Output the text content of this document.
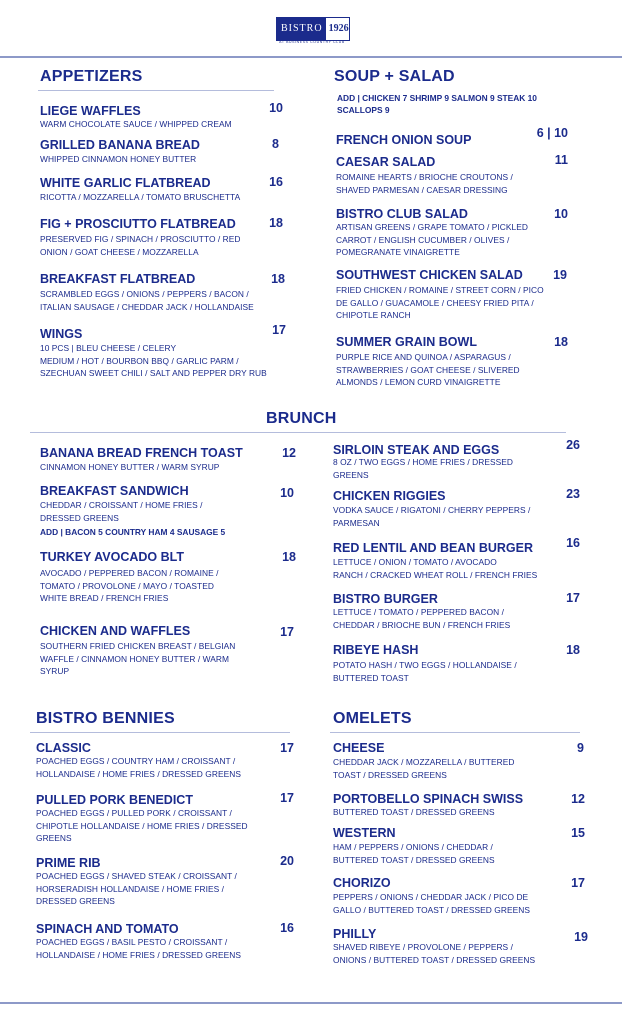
BISTRO 1926
AT BUSINESS COUNTRY CLUB
APPETIZERS	SOUP + SALAD
ADD | CHICKEN 7 SHRIMP 9 SALMON 9 STEAK 10
SCALLOPS 9
BRUNCH
BISTRO BENNIES	OMELETS
LIEGE WAFFLES	10
WARM CHOCOLATE SAUCE / WHIPPED CREAM
GRILLED BANANA BREAD	8
WHIPPED CINNAMON HONEY BUTTER
WHITE GARLIC FLATBREAD	16
RICOTTA / MOZZARELLA / TOMATO BRUSCHETTA
FIG + PROSCIUTTO FLATBREAD	18
PRESERVED FIG / SPINACH / PROSCIUTTO / RED
ONION / GOAT CHEESE / MOZZARELLA
BREAKFAST FLATBREAD	18
SCRAMBLED EGGS / ONIONS / PEPPERS / BACON /
ITALIAN SAUSAGE / CHEDDAR JACK / HOLLANDAISE
WINGS	17
10 PCS | BLEU CHEESE / CELERY
MEDIUM / HOT / BOURBON BBQ / GARLIC PARM /
SZECHUAN SWEET CHILI / SALT AND PEPPER DRY RUB
FRENCH ONION SOUP	6 | 10
CAESAR SALAD	11
ROMAINE HEARTS / BRIOCHE CROUTONS /
SHAVED PARMESAN / CAESAR DRESSING
BISTRO CLUB SALAD	10
ARTISAN GREENS / GRAPE TOMATO / PICKLED
CARROT / ENGLISH CUCUMBER / OLIVES /
POMEGRANATE VINAIGRETTE
SOUTHWEST CHICKEN SALAD	19
FRIED CHICKEN / ROMAINE / STREET CORN / PICO
DE GALLO / GUACAMOLE / CHEESY FRIED PITA /
CHIPOTLE RANCH
SUMMER GRAIN BOWL	18
PURPLE RICE AND QUINOA / ASPARAGUS /
STRAWBERRIES / GOAT CHEESE / SLIVERED
ALMONDS / LEMON CURD VINAIGRETTE
BANANA BREAD FRENCH TOAST	12
CINNAMON HONEY BUTTER / WARM SYRUP
BREAKFAST SANDWICH	10
CHEDDAR / CROISSANT / HOME FRIES /
DRESSED GREENS
ADD | BACON 5 COUNTRY HAM 4 SAUSAGE 5
TURKEY AVOCADO BLT	18
AVOCADO / PEPPERED BACON / ROMAINE /
TOMATO / PROVOLONE / MAYO / TOASTED
WHITE BREAD / FRENCH FRIES
CHICKEN AND WAFFLES	17
SOUTHERN FRIED CHICKEN BREAST / BELGIAN
WAFFLE / CINNAMON HONEY BUTTER / WARM
SYRUP
SIRLOIN STEAK AND EGGS	26
8 OZ / TWO EGGS / HOME FRIES / DRESSED
GREENS
CHICKEN RIGGIES	23
VODKA SAUCE / RIGATONI / CHERRY PEPPERS /
PARMESAN
RED LENTIL AND BEAN BURGER	16
LETTUCE / ONION / TOMATO / AVOCADO
RANCH / CRACKED WHEAT ROLL / FRENCH FRIES
BISTRO BURGER	17
LETTUCE / TOMATO / PEPPERED BACON /
CHEDDAR / BRIOCHE BUN / FRENCH FRIES
RIBEYE HASH	18
POTATO HASH / TWO EGGS / HOLLANDAISE /
BUTTERED TOAST
CLASSIC	17
POACHED EGGS / COUNTRY HAM / CROISSANT /
HOLLANDAISE / HOME FRIES / DRESSED GREENS
PULLED PORK BENEDICT	17
POACHED EGGS / PULLED PORK / CROISSANT /
CHIPOTLE HOLLANDAISE / HOME FRIES / DRESSED
GREENS
PRIME RIB	20
POACHED EGGS / SHAVED STEAK / CROISSANT /
HORSERADISH HOLLANDAISE / HOME FRIES /
DRESSED GREENS
SPINACH AND TOMATO	16
POACHED EGGS / BASIL PESTO / CROISSANT /
HOLLANDAISE / HOME FRIES / DRESSED GREENS
CHEESE	9
CHEDDAR JACK / MOZZARELLA / BUTTERED
TOAST / DRESSED GREENS
PORTOBELLO SPINACH SWISS	12
BUTTERED TOAST / DRESSED GREENS
WESTERN	15
HAM / PEPPERS / ONIONS / CHEDDAR /
BUTTERED TOAST / DRESSED GREENS
CHORIZO	17
PEPPERS / ONIONS / CHEDDAR JACK / PICO DE
GALLO / BUTTERED TOAST / DRESSED GREENS
PHILLY	19
SHAVED RIBEYE / PROVOLONE / PEPPERS /
ONIONS / BUTTERED TOAST / DRESSED GREENS
